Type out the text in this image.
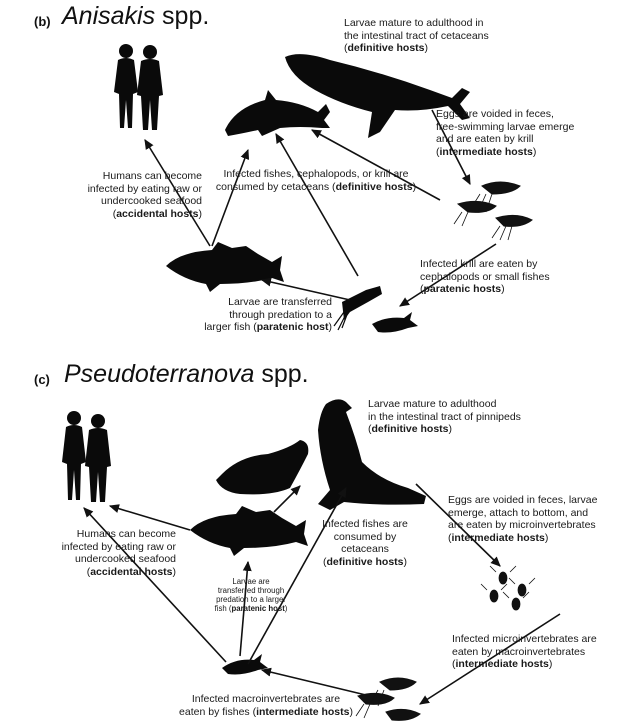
(b) Anisakis spp.	Larvae mature to adulthood in
the intestinal tract of cetaceans
(definitive hosts)
Eggs are voided in feces,
free-swimming larvae emerge
and are eaten by krill
(intermediate hosts)
Infected fishes, cephalopods, or krill are
consumed by cetaceans (definitive hosts)
Humans can become
infected by eating raw or
undercooked seafood
(accidental hosts)
Infected krill are eaten by
cephalopods or small fishes
(paratenic hosts)
Larvae are transferred
through predation to a
larger fish (paratenic host)
(c) Pseudoterranova spp.
Larvae mature to adulthood
in the intestinal tract of pinnipeds
(definitive hosts)
Eggs are voided in feces, larvae
emerge, attach to bottom, and
are eaten by microinvertebrates
(intermediate hosts)
Humans can become
infected by eating raw or
undercooked seafood
(accidental hosts)
Infected fishes are
consumed by
cetaceans
(definitive hosts)
Larvae are
transferred through
predation to a larger
fish (paratenic host)
Infected microinvertebrates are
eaten by macroinvertebrates
(intermediate hosts)
Infected macroinvertebrates are
eaten by fishes (intermediate hosts)
